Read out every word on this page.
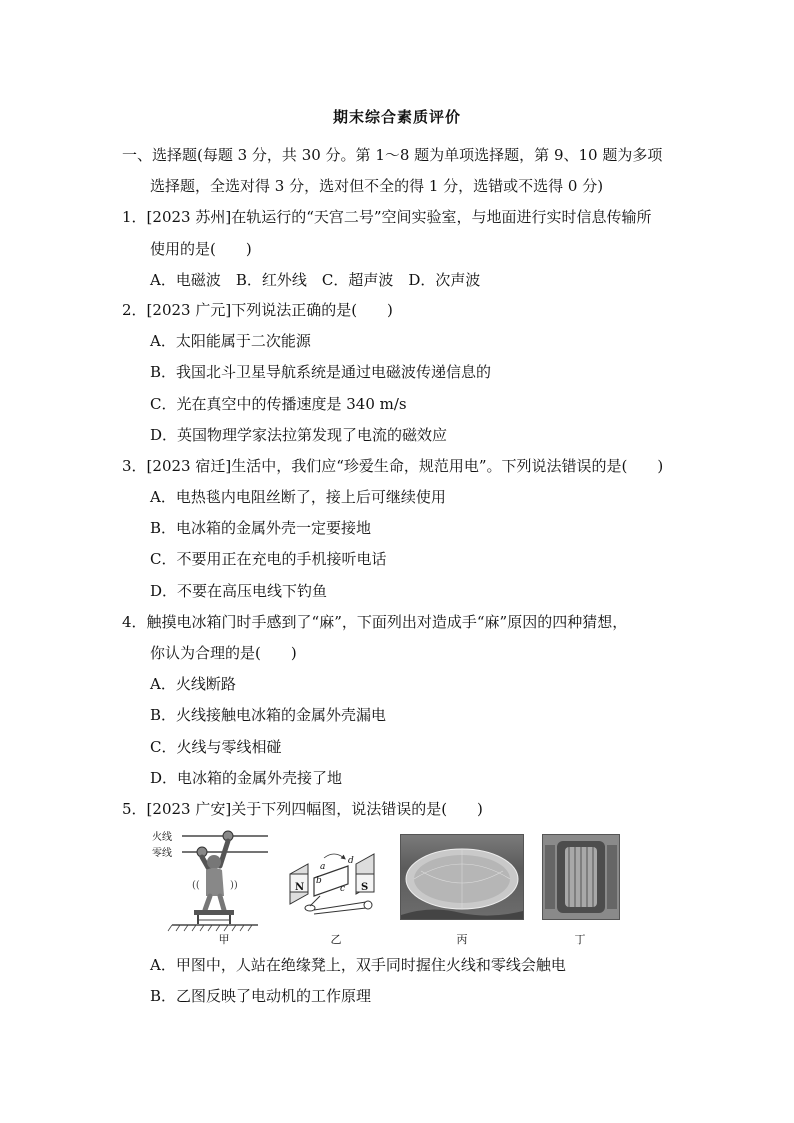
期末综合素质评价
一、选择题(每题 3 分，共 30 分。第 1～8 题为单项选择题，第 9、10 题为多项
选择题，全选对得 3 分，选对但不全的得 1 分，选错或不选得 0 分)
1．[2023 苏州]在轨运行的“天宫二号”空间实验室，与地面进行实时信息传输所
使用的是(　　)
A．电磁波　B．红外线　C．超声波　D．次声波
2．[2023 广元]下列说法正确的是(　　)
A．太阳能属于二次能源
B．我国北斗卫星导航系统是通过电磁波传递信息的
C．光在真空中的传播速度是 340 m/s
D．英国物理学家法拉第发现了电流的磁效应
3．[2023 宿迁]生活中，我们应“珍爱生命，规范用电”。下列说法错误的是(　　)
A．电热毯内电阻丝断了，接上后可继续使用
B．电冰箱的金属外壳一定要接地
C．不要用正在充电的手机接听电话
D．不要在高压电线下钓鱼
4．触摸电冰箱门时手感到了“麻”，下面列出对造成手“麻”原因的四种猜想，
你认为合理的是(　　)
A．火线断路
B．火线接触电冰箱的金属外壳漏电
C．火线与零线相碰
D．电冰箱的金属外壳接了地
5．[2023 广安]关于下列四幅图，说法错误的是(　　)
((	))
火线
零线
甲
N	S
b
a
d
c
乙	丙	丁
A．甲图中，人站在绝缘凳上，双手同时握住火线和零线会触电
B．乙图反映了电动机的工作原理
